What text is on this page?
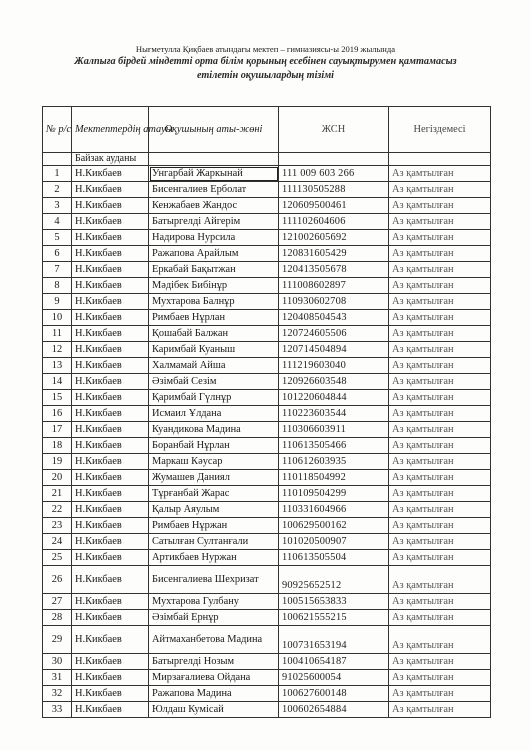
Нығметулла Қиқбаев атындағы мектеп – гимназиясы-ы 2019 жылында
Жалпыға бірдей міндетті орта білім қорының есебінен сауықтырумен қамтамасыз
етілетін оқушылардың тізімі
№ р/с	Мектептердің атауы	Оқушының аты-жөні	ЖСН	Негіздемесі
	Байзак ауданы			
1	Н.Кикбаев	Унгарбай Жаркынай	111 009 603 266	Аз қамтылған
2	Н.Кикбаев	Бисенгалиев Ерболат	111130505288	Аз қамтылған
3	Н.Кикбаев	Кенжабаев Жандос	120609500461	Аз қамтылған
4	Н.Кикбаев	Батыргелді Айгерім	111102604606	Аз қамтылған
5	Н.Кикбаев	Надирова Нурсила	121002605692	Аз қамтылған
6	Н.Кикбаев	Ражапова Арайлым	120831605429	Аз қамтылған
7	Н.Кикбаев	Еркабай Бақытжан	120413505678	Аз қамтылған
8	Н.Кикбаев	Мәдібек Бибінұр	111008602897	Аз қамтылған
9	Н.Кикбаев	Мухтарова Балнұр	110930602708	Аз қамтылған
10	Н.Кикбаев	Римбаев Нұрлан	120408504543	Аз қамтылған
11	Н.Кикбаев	Қошабай Балжан	120724605506	Аз қамтылған
12	Н.Кикбаев	Каримбай Куаныш	120714504894	Аз қамтылған
13	Н.Кикбаев	Халмамай Айша	111219603040	Аз қамтылған
14	Н.Кикбаев	Әзімбай Сезім	120926603548	Аз қамтылған
15	Н.Кикбаев	Қаримбай Гүлнұр	101220604844	Аз қамтылған
16	Н.Кикбаев	Исмаил Ұлдана	110223603544	Аз қамтылған
17	Н.Кикбаев	Куандикова Мадина	110306603911	Аз қамтылған
18	Н.Кикбаев	Боранбай Нұрлан	110613505466	Аз қамтылған
19	Н.Кикбаев	Маркаш Кәусар	110612603935	Аз қамтылған
20	Н.Кикбаев	Жумашев Даниял	110118504992	Аз қамтылған
21	Н.Кикбаев	Тұрғанбай Жарас	110109504299	Аз қамтылған
22	Н.Кикбаев	Қалыр Аяулым	110331604966	Аз қамтылған
23	Н.Кикбаев	Римбаев Нұржан	100629500162	Аз қамтылған
24	Н.Кикбаев	Сатылған Султанғали	101020500907	Аз қамтылған
25	Н.Кикбаев	Артикбаев Нуржан	110613505504	Аз қамтылған
26	Н.Кикбаев	Бисенгалиева Шехризат	90925652512	Аз қамтылған
27	Н.Кикбаев	Мухтарова Гулбану	100515653833	Аз қамтылған
28	Н.Кикбаев	Әзімбай Ернұр	100621555215	Аз қамтылған
29	Н.Кикбаев	Айтмаханбетова Мадина	100731653194	Аз қамтылған
30	Н.Кикбаев	Батыргелді Нозым	100410654187	Аз қамтылған
31	Н.Кикбаев	Мирзағалиева Ойдана	91025600054	Аз қамтылған
32	Н.Кикбаев	Ражапова Мадина	100627600148	Аз қамтылған
33	Н.Кикбаев	Юлдаш Кумісай	100602654884	Аз қамтылған
